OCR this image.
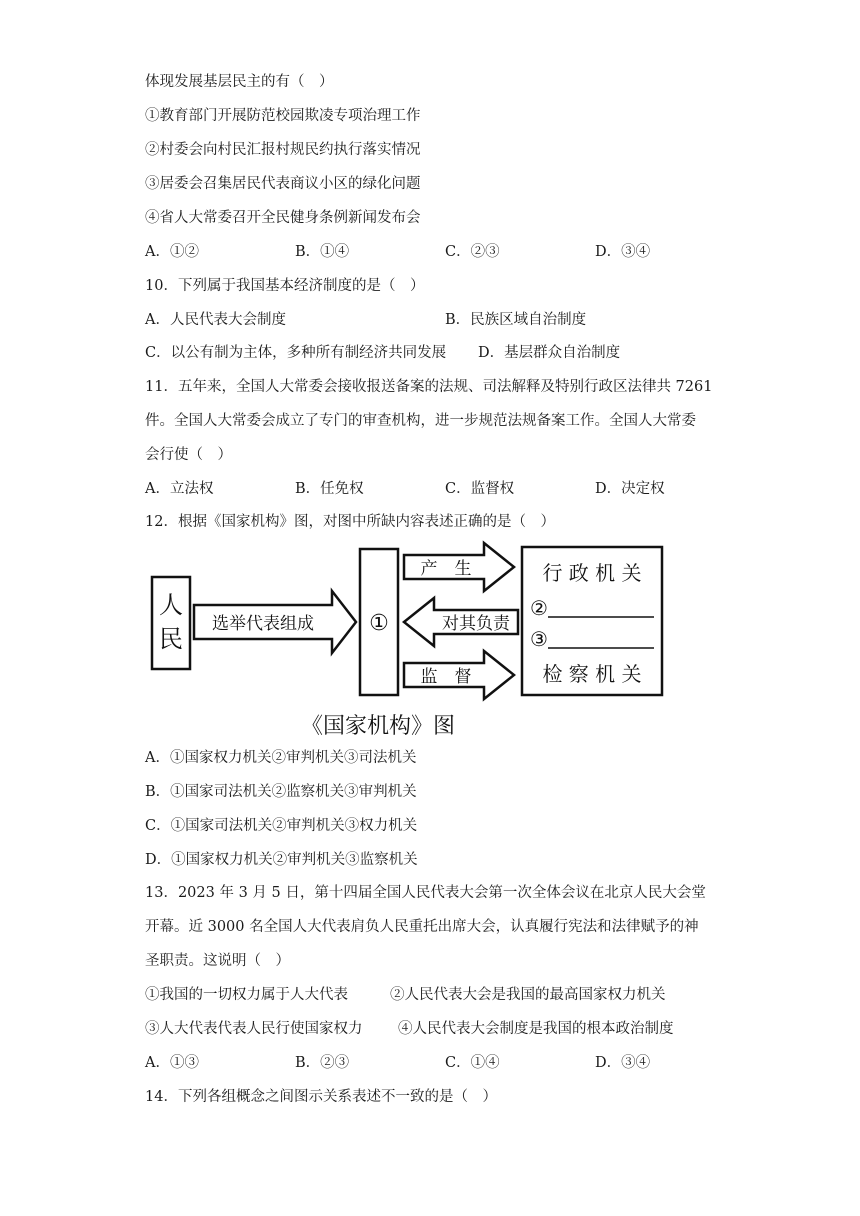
体现发展基层民主的有（　）
①教育部门开展防范校园欺凌专项治理工作
②村委会向村民汇报村规民约执行落实情况
③居委会召集居民代表商议小区的绿化问题
④省人大常委召开全民健身条例新闻发布会
A．①②	B．①④	C．②③	D．③④
10．下列属于我国基本经济制度的是（　）
A．人民代表大会制度	B．民族区域自治制度
C．以公有制为主体，多种所有制经济共同发展 D．基层群众自治制度
11．五年来，全国人大常委会接收报送备案的法规、司法解释及特别行政区法律共 7261
件。全国人大常委会成立了专门的审查机构，进一步规范法规备案工作。全国人大常委
会行使（　）
A．立法权	B．任免权	C．监督权	D．决定权
12．根据《国家机构》图，对图中所缺内容表述正确的是（　）
人
民
选举代表组成	①
产　生
对其负责
监　督
行 政 机 关
②
③
检 察 机 关
《国家机构》图
A．①国家权力机关②审判机关③司法机关
B．①国家司法机关②监察机关③审判机关
C．①国家司法机关②审判机关③权力机关
D．①国家权力机关②审判机关③监察机关
13．2023 年 3 月 5 日，第十四届全国人民代表大会第一次全体会议在北京人民大会堂
开幕。近 3000 名全国人大代表肩负人民重托出席大会，认真履行宪法和法律赋予的神
圣职责。这说明（　）
①我国的一切权力属于人大代表	②人民代表大会是我国的最高国家权力机关
③人大代表代表人民行使国家权力 ④人民代表大会制度是我国的根本政治制度
A．①③	B．②③	C．①④	D．③④
14．下列各组概念之间图示关系表述不一致的是（　）
